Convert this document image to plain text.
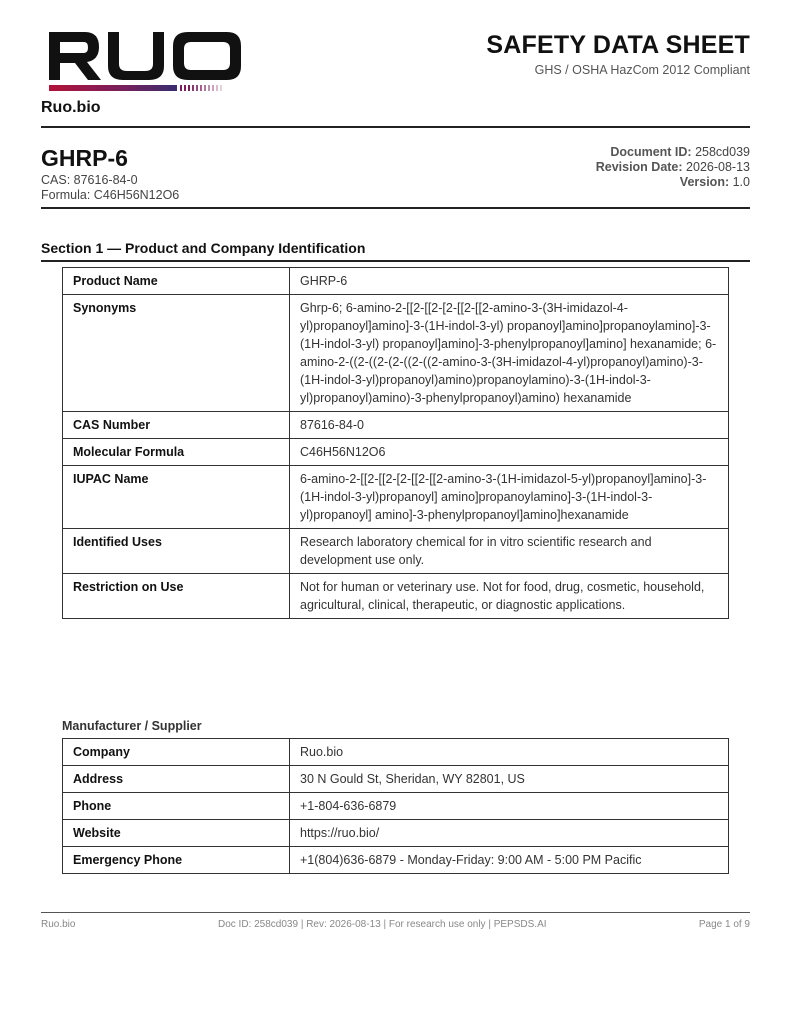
Ruo.bio
SAFETY DATA SHEET
GHS / OSHA HazCom 2012 Compliant
GHRP-6
CAS: 87616-84-0
Formula: C46H56N12O6
Document ID: 258cd039
Revision Date: 2026-08-13
Version: 1.0
Section 1 — Product and Company Identification
Product Name	GHRP-6
Synonyms	Ghrp-6; 6-amino-2-[[2-[[2-[2-[[2-[[2-amino-3-(3H-imidazol-4-yl)propanoyl]amino]-3-(1H-indol-3-yl) propanoyl]amino]propanoylamino]-3-(1H-indol-3-yl) propanoyl]amino]-3-phenylpropanoyl]amino] hexanamide; 6-amino-2-((2-((2-(2-((2-((2-amino-3-(3H-imidazol-4-yl)propanoyl)amino)-3-(1H-indol-3-yl)propanoyl)amino)propanoylamino)-3-(1H-indol-3-yl)propanoyl)amino)-3-phenylpropanoyl)amino) hexanamide
CAS Number	87616-84-0
Molecular Formula	C46H56N12O6
IUPAC Name	6-amino-2-[[2-[[2-[2-[[2-[[2-amino-3-(1H-imidazol-5-yl)propanoyl]amino]-3-(1H-indol-3-yl)propanoyl] amino]propanoylamino]-3-(1H-indol-3-yl)propanoyl] amino]-3-phenylpropanoyl]amino]hexanamide
Identified Uses	Research laboratory chemical for in vitro scientific research and development use only.
Restriction on Use	Not for human or veterinary use. Not for food, drug, cosmetic, household, agricultural, clinical, therapeutic, or diagnostic applications.
Manufacturer / Supplier
Company	Ruo.bio
Address	30 N Gould St, Sheridan, WY 82801, US
Phone	+1-804-636-6879
Website	https://ruo.bio/
Emergency Phone	+1(804)636-6879 - Monday-Friday: 9:00 AM - 5:00 PM Pacific
Ruo.bio	Doc ID: 258cd039 | Rev: 2026-08-13 | For research use only | PEPSDS.AI	Page 1 of 9
